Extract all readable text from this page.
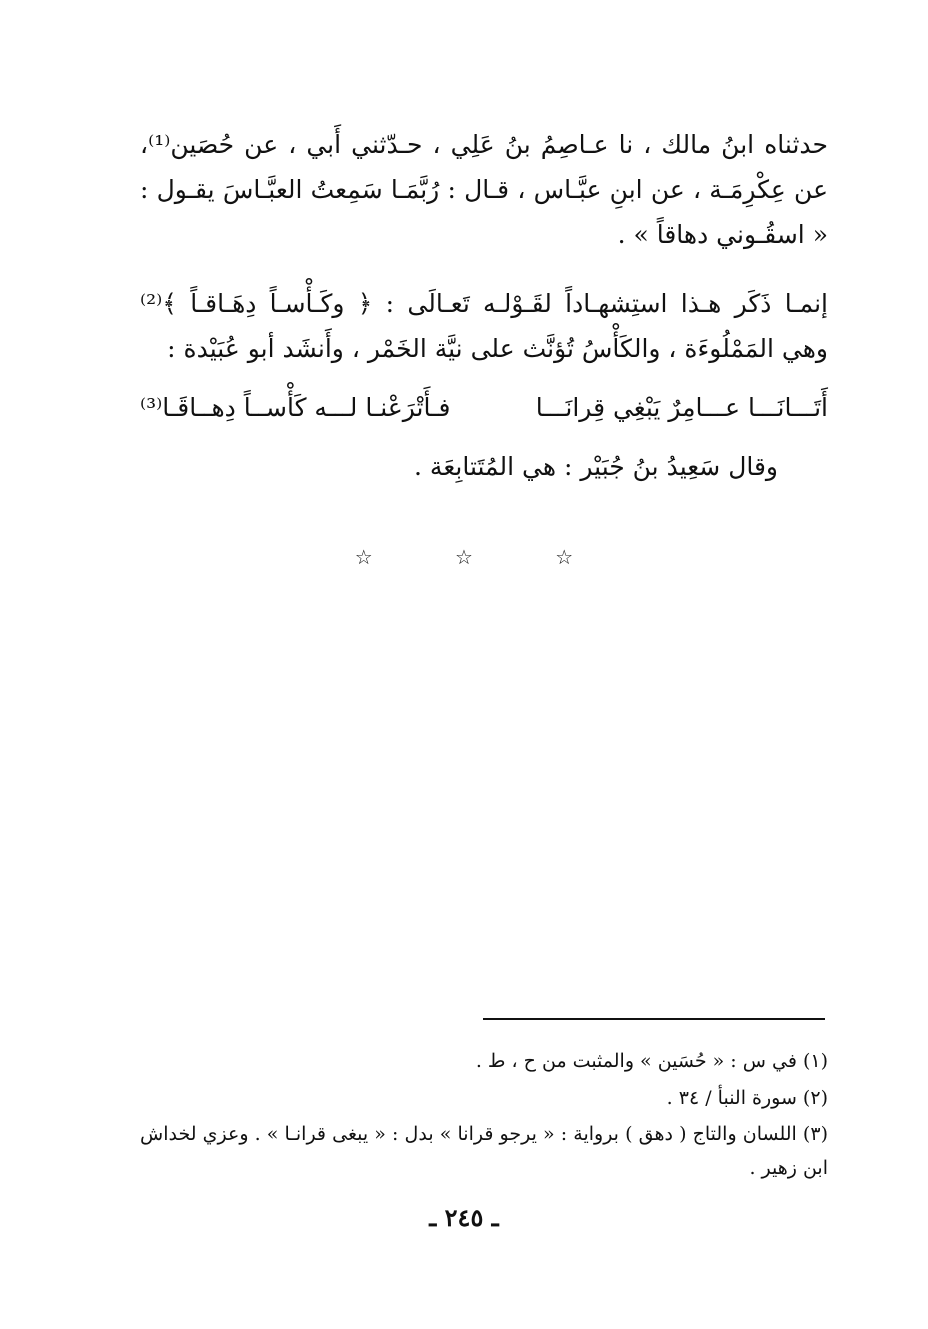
حدثناه ابنُ مالك ، نا عـاصِمُ بنُ عَلِي ، حـدّثني أَبي ، عن حُصَين⁽¹⁾، عن عِكْرِمَـة ، عن ابنِ عبَّـاس ، قـال : رُبَّمَـا سَمِعتُ العبَّـاسَ يقـول : « اسقُـوني دهاقاً » .

إنمـا ذَكَر هـذا استِشهـاداً لقَـوْلـه تَعـالَى : ﴿ وكَـأْسـاً دِهَـاقـاً ﴾⁽²⁾ وهي المَمْلُوءَة ، والكَأْسُ تُؤنَّث على نيَّة الخَمْر ، وأَنشَد أبو عُبَيْدة :

أَتَـــانَـــا عـــامِرٌ يَبْغِي قِرانَـــا
فـأَتْرَعْنـا لـــه كَأْســاً دِهــاقَـا⁽³⁾
وقال سَعِيدُ بنُ جُبَيْر : هي المُتَتابِعَة .
☆ ☆ ☆
(١) في س : « حُسَين » والمثبت من ح ، ط .
(٢) سورة النبأ / ٣٤ .
(٣) اللسان والتاج ( دهق ) برواية : « يرجو قرانا » بدل : « يبغى قرانـا » . وعزي لخداش ابن زهير .
ـ ٢٤٥ ـ
